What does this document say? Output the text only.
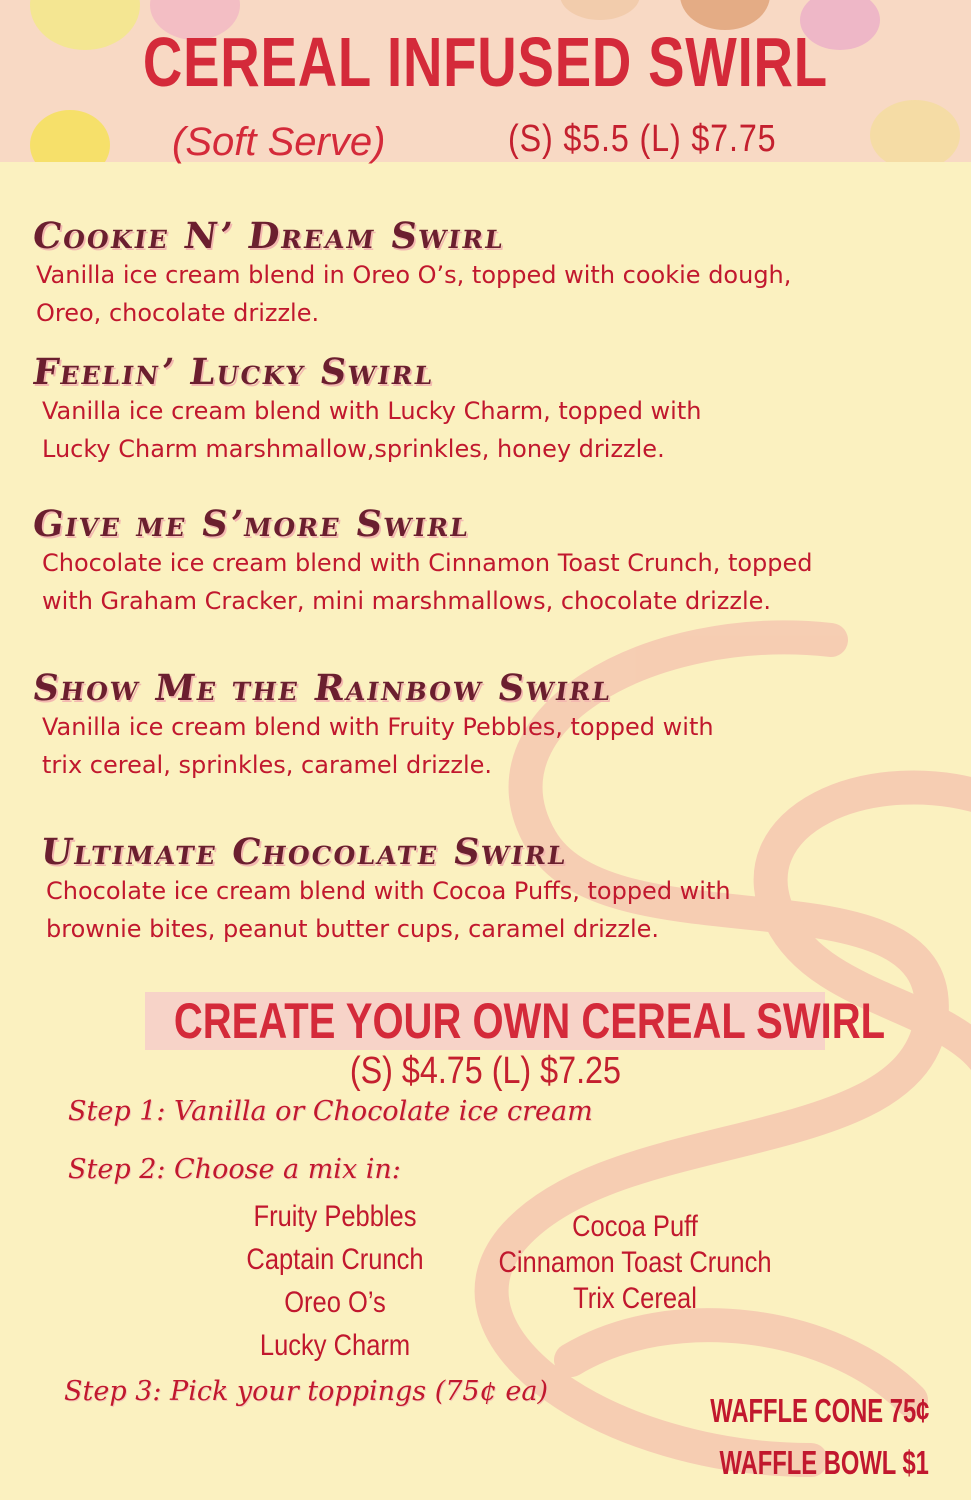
CEREAL INFUSED SWIRL
(Soft Serve)	(S) $5.5 (L) $7.75
Cookie N’ Dream Swirl
Vanilla ice cream blend in Oreo O’s, topped with cookie dough,
Oreo, chocolate drizzle.
Feelin’ Lucky Swirl
Vanilla ice cream blend with Lucky Charm, topped with
Lucky Charm marshmallow,sprinkles, honey drizzle.
Give me S’more Swirl
Chocolate ice cream blend with Cinnamon Toast Crunch, topped
with Graham Cracker, mini marshmallows, chocolate drizzle.
Show Me the Rainbow Swirl
Vanilla ice cream blend with Fruity Pebbles, topped with
trix cereal, sprinkles, caramel drizzle.
Ultimate Chocolate Swirl
Chocolate ice cream blend with Cocoa Puffs, topped with
brownie bites, peanut butter cups, caramel drizzle.
CREATE YOUR OWN CEREAL SWIRL
(S) $4.75 (L) $7.25
Step 1: Vanilla or Chocolate ice cream
Step 2: Choose a mix in:
Fruity Pebbles
Captain Crunch
Oreo O’s
Lucky Charm
Cocoa Puff
Cinnamon Toast Crunch
Trix Cereal
Step 3: Pick your toppings (75¢ ea)
WAFFLE CONE 75¢
WAFFLE BOWL $1
